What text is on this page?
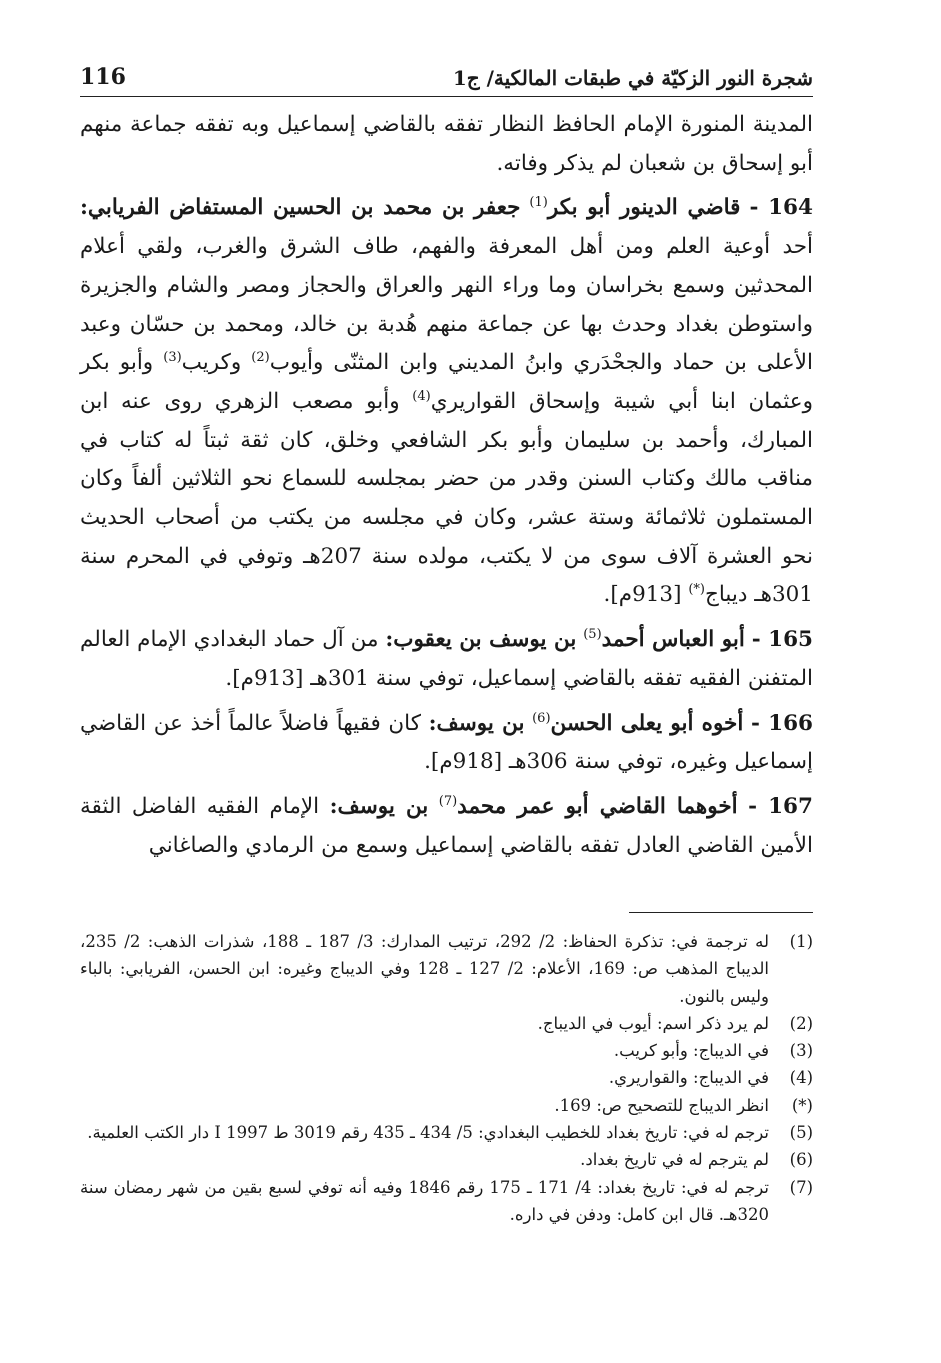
116	شجرة النور الزكيّة في طبقات المالكية/ ج1

المدينة المنورة الإمام الحافظ النظار تفقه بالقاضي إسماعيل وبه تفقه جماعة منهم أبو إسحاق بن شعبان لم يذكر وفاته.

164 - قاضي الدينور أبو بكر$^{(1)}$ جعفر بن محمد بن الحسين المستفاض الفريابي: أحد أوعية العلم ومن أهل المعرفة والفهم، طاف الشرق والغرب، ولقي أعلام المحدثين وسمع بخراسان وما وراء النهر والعراق والحجاز ومصر والشام والجزيرة واستوطن بغداد وحدث بها عن جماعة منهم هُدبة بن خالد، ومحمد بن حسّان وعبد الأعلى بن حماد والجحْدَري وابنُ المديني وابن المثنّى وأيوب$^{(2)}$ وكريب$^{(3)}$ وأبو بكر وعثمان ابنا أبي شيبة وإسحاق القواريري$^{(4)}$ وأبو مصعب الزهري روى عنه ابن المبارك، وأحمد بن سليمان وأبو بكر الشافعي وخلق، كان ثقة ثبتاً له كتاب في مناقب مالك وكتاب السنن وقدر من حضر بمجلسه للسماع نحو الثلاثين ألفاً وكان المستملون ثلاثمائة وستة عشر، وكان في مجلسه من يكتب من أصحاب الحديث نحو العشرة آلاف سوى من لا يكتب، مولده سنة 207هـ وتوفي في المحرم سنة 301هـ ديباج(*) [913م].

165 - أبو العباس أحمد$^{(5)}$ بن يوسف بن يعقوب: من آل حماد البغدادي الإمام العالم المتفنن الفقيه تفقه بالقاضي إسماعيل، توفي سنة 301هـ [913م].

166 - أخوه أبو يعلى الحسن$^{(6)}$ بن يوسف: كان فقيهاً فاضلاً عالماً أخذ عن القاضي إسماعيل وغيره، توفي سنة 306هـ [918م].

167 - أخوهما القاضي أبو عمر محمد$^{(7)}$ بن يوسف: الإمام الفقيه الفاضل الثقة الأمين القاضي العادل تفقه بالقاضي إسماعيل وسمع من الرمادي والصاغاني

(1)
له ترجمة في: تذكرة الحفاظ: 2/ 292، ترتيب المدارك: 3/ 187 ـ 188، شذرات الذهب: 2/ 235، الديباج المذهب ص: 169، الأعلام: 2/ 127 ـ 128 وفي الديباج وغيره: ابن الحسن، الفريابي: بالباء وليس بالنون.
(2)
لم يرد ذكر اسم: أيوب في الديباج.
(3)
في الديباج: وأبو كريب.
(4)
في الديباج: والقواريري.
(*)
انظر الديباج للتصحيح ص: 169.
(5)
ترجم له في: تاريخ بغداد للخطيب البغدادي: 5/ 434 ـ 435 رقم 3019 ط I 1997 دار الكتب العلمية.
(6)
لم يترجم له في تاريخ بغداد.
(7)
ترجم له في: تاريخ بغداد: 4/ 171 ـ 175 رقم 1846 وفيه أنه توفي لسبع بقين من شهر رمضان سنة 320هـ. قال ابن كامل: ودفن في داره.
